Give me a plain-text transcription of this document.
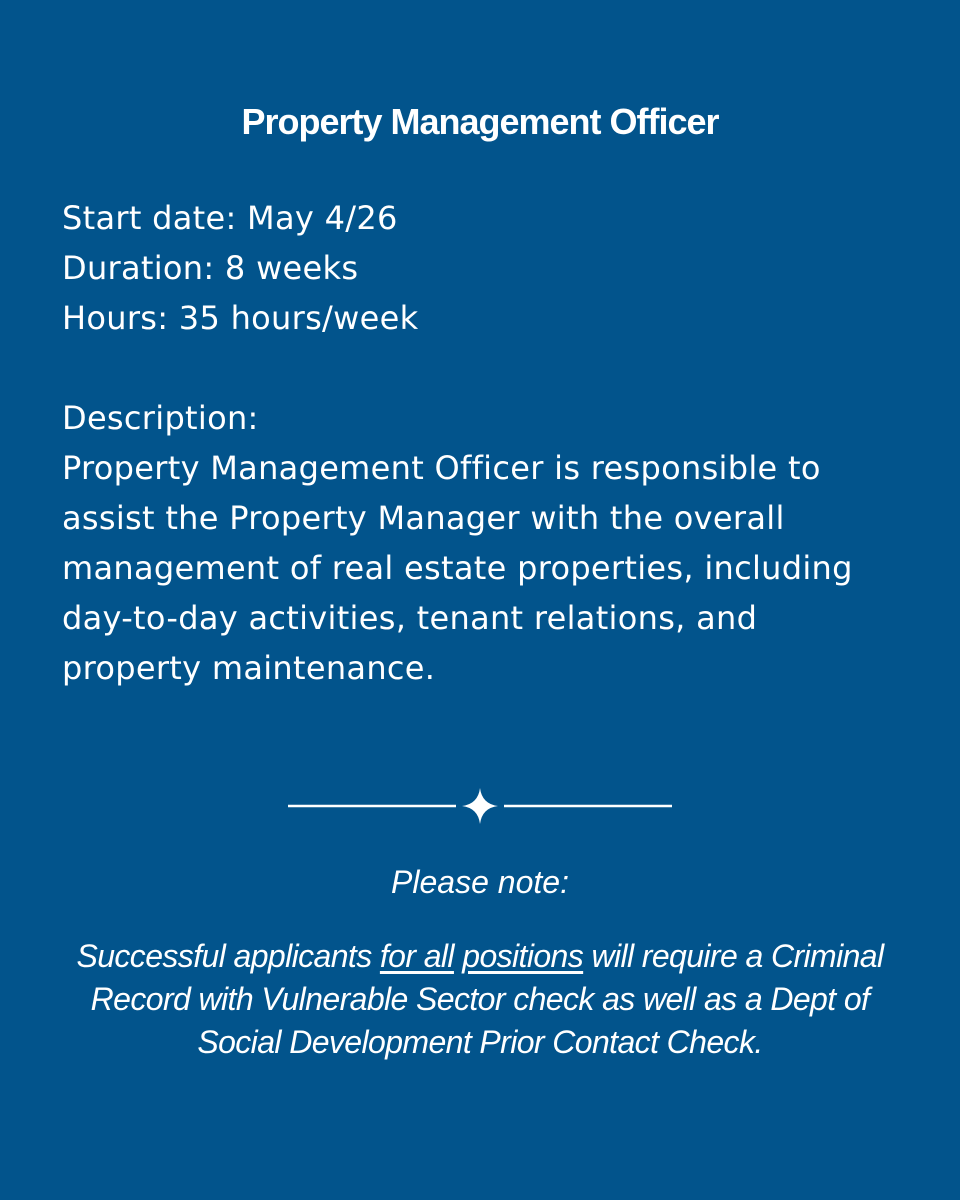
Property Management Officer
Start date: May 4/26
Duration: 8 weeks
Hours: 35 hours/week
Description:
Property Management Officer is responsible to
assist the Property Manager with the overall
management of real estate properties, including
day-to-day activities, tenant relations, and
property maintenance.
Please note:
Successful applicants for all positions will require a Criminal Record with Vulnerable Sector check as well as a Dept of Social Development Prior Contact Check.
